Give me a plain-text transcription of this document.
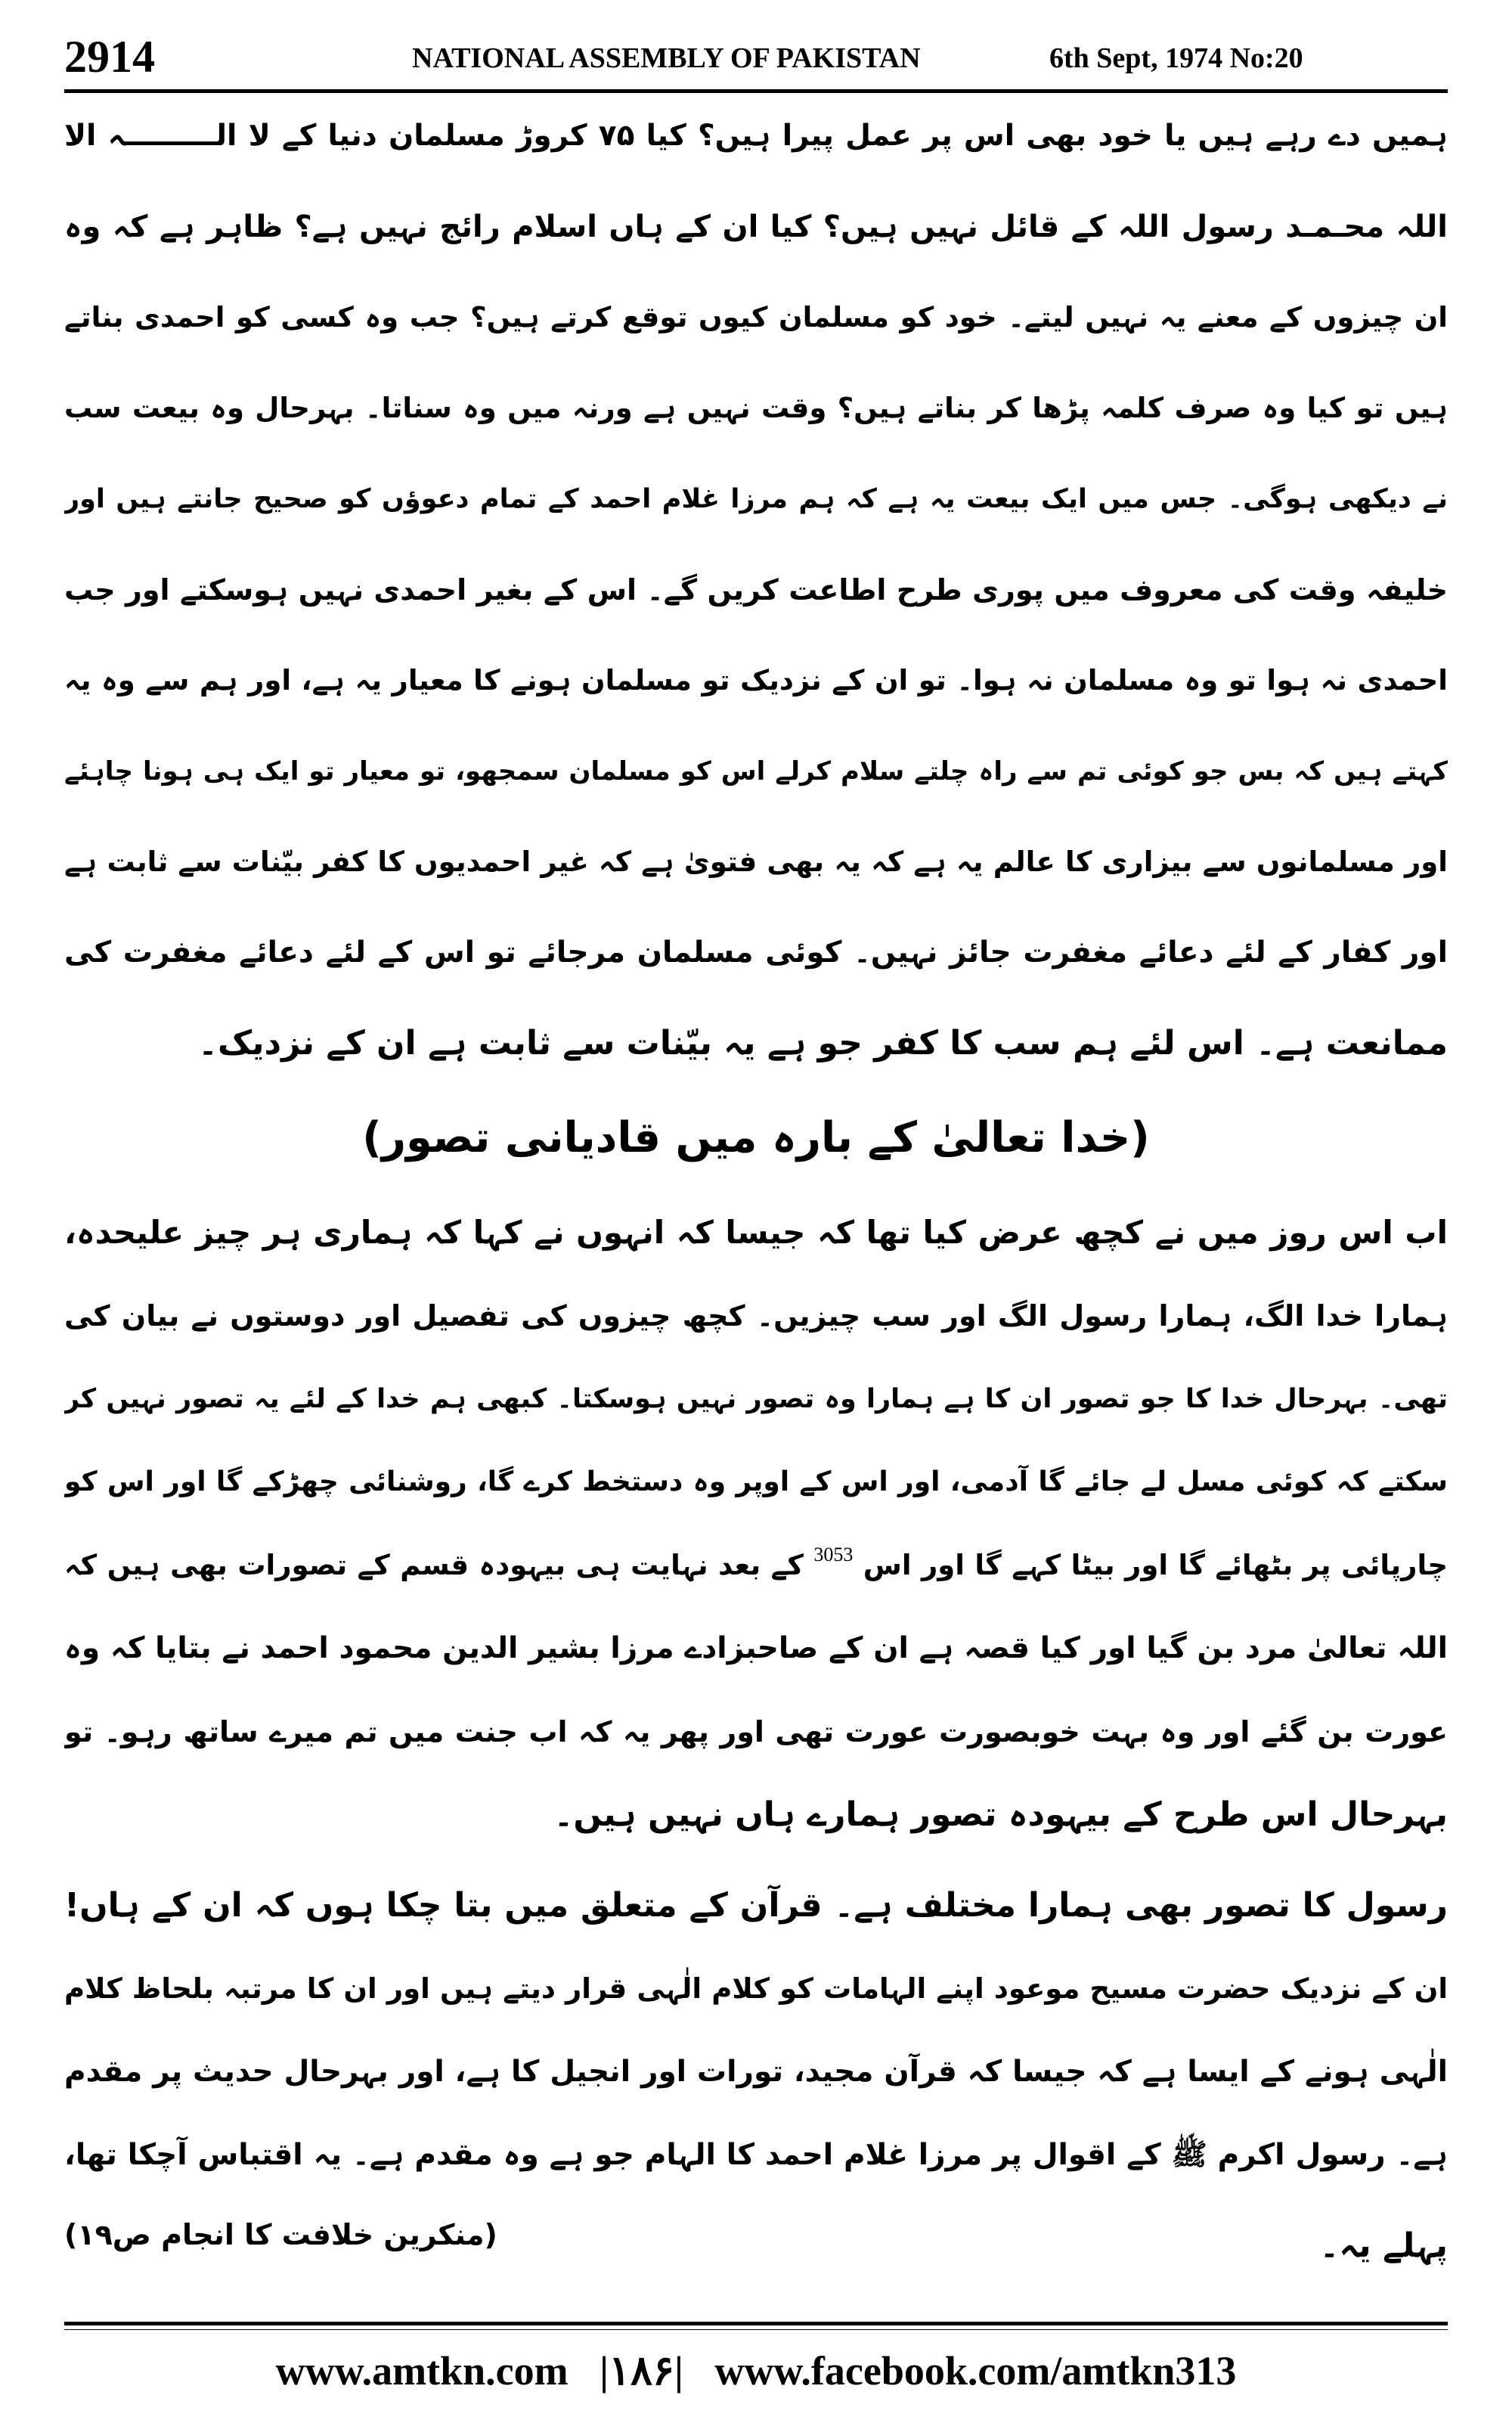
2914	NATIONAL ASSEMBLY OF PAKISTAN	6th Sept, 1974 No:20
ہمیں دے رہے ہیں یا خود بھی اس پر عمل پیرا ہیں؟ کیا ۷۵ کروڑ مسلمان دنیا کے لا الـــــــــہ الا
اللہ محـمـد رسول اللہ کے قائل نہیں ہیں؟ کیا ان کے ہاں اسلام رائج نہیں ہے؟ ظاہر ہے کہ وہ
ان چیزوں کے معنے یہ نہیں لیتے۔ خود کو مسلمان کیوں توقع کرتے ہیں؟ جب وہ کسی کو احمدی بناتے
ہیں تو کیا وہ صرف کلمہ پڑھا کر بناتے ہیں؟ وقت نہیں ہے ورنہ میں وہ سناتا۔ بہرحال وہ بیعت سب
نے دیکھی ہوگی۔ جس میں ایک بیعت یہ ہے کہ ہم مرزا غلام احمد کے تمام دعوؤں کو صحیح جانتے ہیں اور
خلیفہ وقت کی معروف میں پوری طرح اطاعت کریں گے۔ اس کے بغیر احمدی نہیں ہوسکتے اور جب
احمدی نہ ہوا تو وہ مسلمان نہ ہوا۔ تو ان کے نزدیک تو مسلمان ہونے کا معیار یہ ہے، اور ہم سے وہ یہ
کہتے ہیں کہ بس جو کوئی تم سے راہ چلتے سلام کرلے اس کو مسلمان سمجھو، تو معیار تو ایک ہی ہونا چاہئے
اور مسلمانوں سے بیزاری کا عالم یہ ہے کہ یہ بھی فتویٰ ہے کہ غیر احمدیوں کا کفر بیّنات سے ثابت ہے
اور کفار کے لئے دعائے مغفرت جائز نہیں۔ کوئی مسلمان مرجائے تو اس کے لئے دعائے مغفرت کی
ممانعت ہے۔ اس لئے ہم سب کا کفر جو ہے یہ بیّنات سے ثابت ہے ان کے نزدیک۔
(خدا تعالیٰ کے بارہ میں قادیانی تصور)
اب اس روز میں نے کچھ عرض کیا تھا کہ جیسا کہ انہوں نے کہا کہ ہماری ہر چیز علیحدہ،
ہمارا خدا الگ، ہمارا رسول الگ اور سب چیزیں۔ کچھ چیزوں کی تفصیل اور دوستوں نے بیان کی
تھی۔ بہرحال خدا کا جو تصور ان کا ہے ہمارا وہ تصور نہیں ہوسکتا۔ کبھی ہم خدا کے لئے یہ تصور نہیں کر
سکتے کہ کوئی مسل لے جائے گا آدمی، اور اس کے اوپر وہ دستخط کرے گا، روشنائی چھڑکے گا اور اس کو
چارپائی پر بٹھائے گا اور بیٹا کہے گا اور اس $^{3053}$ کے بعد نہایت ہی بیہودہ قسم کے تصورات بھی ہیں کہ
اللہ تعالیٰ مرد بن گیا اور کیا قصہ ہے ان کے صاحبزادے مرزا بشیر الدین محمود احمد نے بتایا کہ وہ
عورت بن گئے اور وہ بہت خوبصورت عورت تھی اور پھر یہ کہ اب جنت میں تم میرے ساتھ رہو۔ تو
بہرحال اس طرح کے بیہودہ تصور ہمارے ہاں نہیں ہیں۔
رسول کا تصور بھی ہمارا مختلف ہے۔ قرآن کے متعلق میں بتا چکا ہوں کہ ان کے ہاں!
ان کے نزدیک حضرت مسیح موعود اپنے الہامات کو کلام الٰہی قرار دیتے ہیں اور ان کا مرتبہ بلحاظ کلام
الٰہی ہونے کے ایسا ہے کہ جیسا کہ قرآن مجید، تورات اور انجیل کا ہے، اور بہرحال حدیث پر مقدم
ہے۔ رسول اکرم ﷺ کے اقوال پر مرزا غلام احمد کا الہام جو ہے وہ مقدم ہے۔ یہ اقتباس آچکا تھا،
پہلے یہ۔
(منکرین خلافت کا انجام ص۱۹)
www.amtkn.com |۱۸۶| www.facebook.com/amtkn313
